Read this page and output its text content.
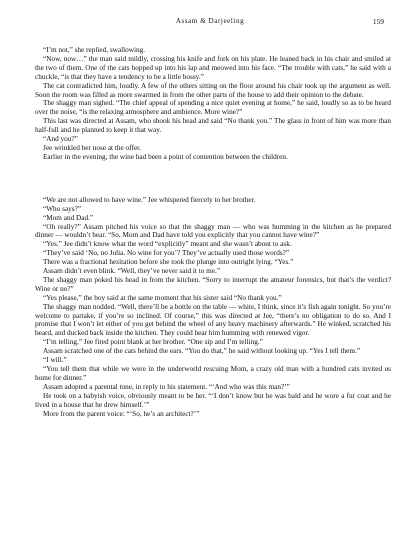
Assam & Darjeeling	159

“I’m not,” she replied, swallowing.

“Now, now…” the man said mildly, crossing his knife and fork on his plate. He leaned back in his chair and smiled at the two of them. One of the cats hopped up into his lap and meowed into his face. “The trouble with cats,” he said with a chuckle, “is that they have a tendency to be a little bossy.”

The cat contradicted him, loudly. A few of the others sitting on the floor around his chair took up the argument as well. Soon the room was filled as more swarmed in from the other parts of the house to add their opinion to the debate.

The shaggy man sighed. “The chief appeal of spending a nice quiet evening at home,” he said, loudly so as to be heard over the noise, “is the relaxing atmosphere and ambience. More wine?”

This last was directed at Assam, who shook his head and said “No thank you.” The glass in front of him was more than half-full and he planned to keep it that way.

“And you?”

Jee wrinkled her nose at the offer.

Earlier in the evening, the wine had been a point of contention between the children.

“We are not allowed to have wine.” Jee whispered fiercely to her brother.

“Who says?”

“Mom and Dad.”

“Oh really?” Assam pitched his voice so that the shaggy man — who was humming in the kitchen as he prepared dinner — wouldn’t hear. “So, Mom and Dad have told you explicitly that you cannot have wine?”

“Yes.” Jee didn’t know what the word “explicitly” meant and she wasn’t about to ask.

“They’ve said ‘No, no Julia. No wine for you’? They’ve actually used those words?”

There was a fractional hesitation before she took the plunge into outright lying. “Yes.”

Assam didn’t even blink. “Well, they’ve never said it to me.”

The shaggy man poked his head in from the kitchen. “Sorry to interrupt the amateur forensics, but that’s the verdict? Wine or no?”

“Yes please,” the boy said at the same moment that his sister said “No thank you.”

The shaggy man nodded. “Well, there’ll be a bottle on the table — white, I think, since it’s fish again tonight. So you’re welcome to partake, if you’re so inclined. Of course,” this was directed at Jee, “there’s no obligation to do so. And I promise that I won’t let either of you get behind the wheel of any heavy machinery afterwards.” He winked, scratched his beard, and ducked back inside the kitchen. They could hear him humming with renewed vigor.

“I’m telling,” Jee fired point blank at her brother. “One sip and I’m telling.”

Assam scratched one of the cats behind the ears. “You do that,” he said without looking up. “Yes I tell them.”

“I will.”

“You tell them that while we were in the underworld rescuing Mom, a crazy old man with a hundred cats invited us home for dinner.”

Assam adopted a parental tone, in reply to his statement. “‘And who was this man?’”

He took on a babyish voice, obviously meant to be her. “‘I don’t know but he was bald and he wore a fur coat and he lived in a house that he drew himself.’”

More from the parent voice: “‘So, he’s an architect?’”
